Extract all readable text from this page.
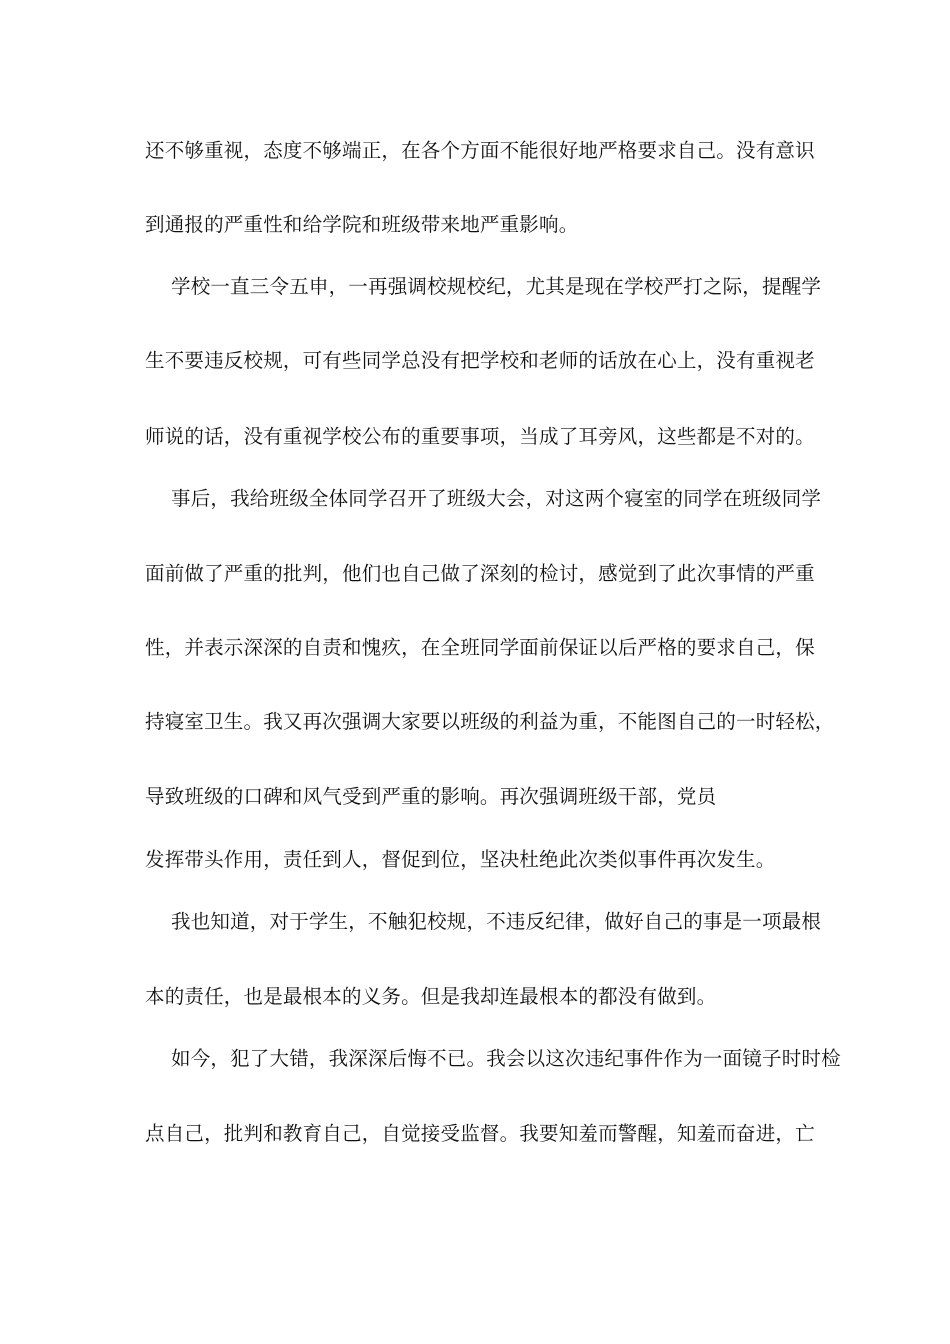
还不够重视，态度不够端正，在各个方面不能很好地严格要求自己。没有意识
到通报的严重性和给学院和班级带来地严重影响。
学校一直三令五申，一再强调校规校纪，尤其是现在学校严打之际，提醒学
生不要违反校规，可有些同学总没有把学校和老师的话放在心上，没有重视老
师说的话，没有重视学校公布的重要事项，当成了耳旁风，这些都是不对的。
事后，我给班级全体同学召开了班级大会，对这两个寝室的同学在班级同学
面前做了严重的批判，他们也自己做了深刻的检讨，感觉到了此次事情的严重
性，并表示深深的自责和愧疚，在全班同学面前保证以后严格的要求自己，保
持寝室卫生。我又再次强调大家要以班级的利益为重，不能图自己的一时轻松，
导致班级的口碑和风气受到严重的影响。再次强调班级干部，党员
发挥带头作用，责任到人，督促到位，坚决杜绝此次类似事件再次发生。
我也知道，对于学生，不触犯校规，不违反纪律，做好自己的事是一项最根
本的责任，也是最根本的义务。但是我却连最根本的都没有做到。
如今，犯了大错，我深深后悔不已。我会以这次违纪事件作为一面镜子时时检
点自己，批判和教育自己，自觉接受监督。我要知羞而警醒，知羞而奋进，亡
